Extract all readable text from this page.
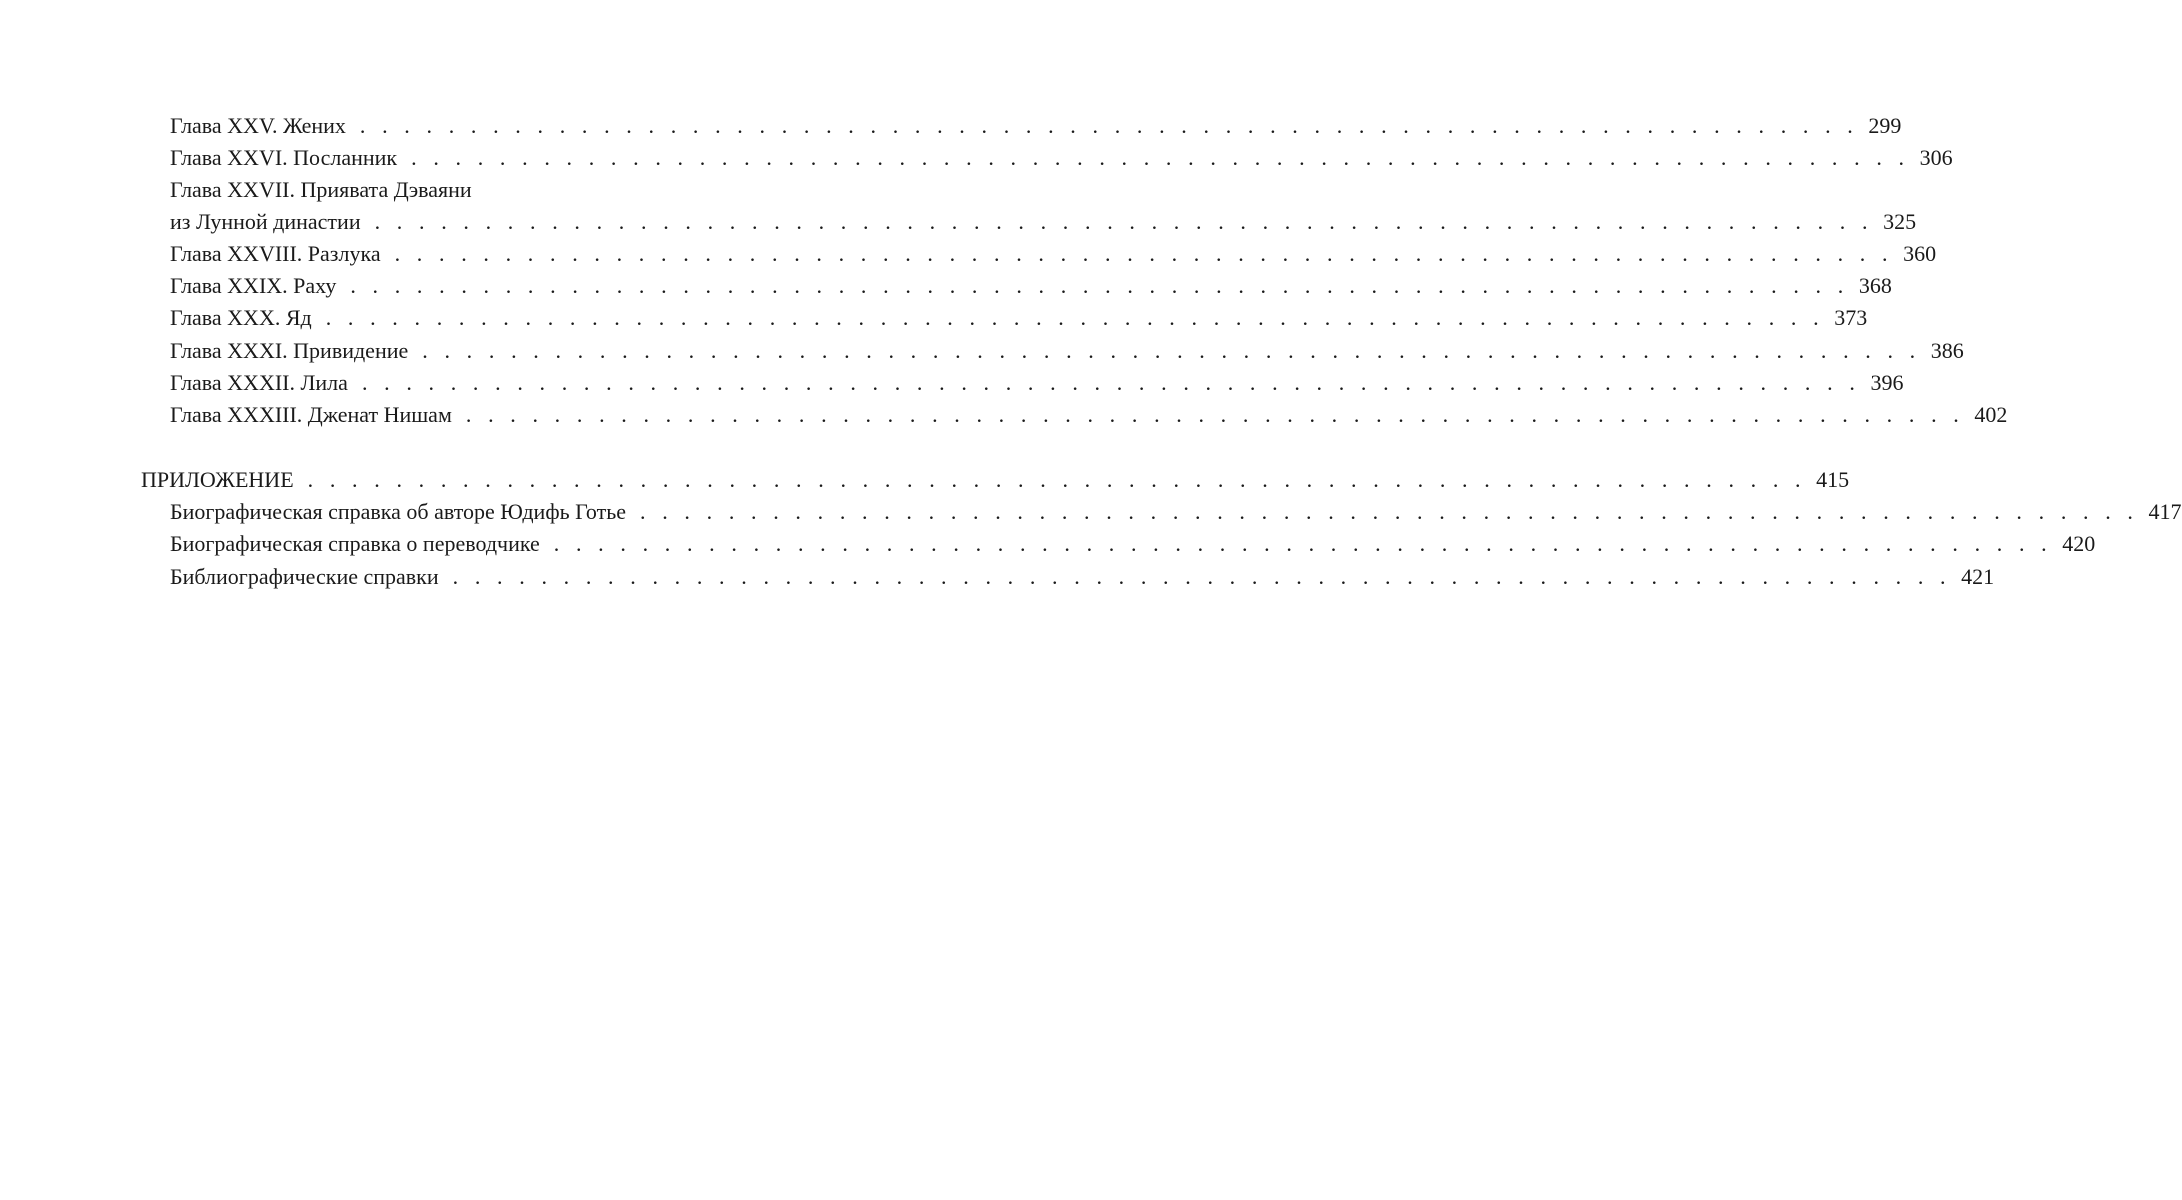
Глава XXV. Жених . . . . . . . . . . . . . . . . . . . . . . . . . . . . . . . . . . . . . . . . . . . . . . . . . . . . . . . . . . . . . . . . . . . . 299
Глава XXVI. Посланник . . . . . . . . . . . . . . . . . . . . . . . . . . . . . . . . . . . . . . . . . . . . . . . . . . . . . . . . . . . . . . . . . . . . 306
Глава XXVII. Приявата Дэваяни
из Лунной династии . . . . . . . . . . . . . . . . . . . . . . . . . . . . . . . . . . . . . . . . . . . . . . . . . . . . . . . . . . . . . . . . . . . . 325
Глава XXVIII. Разлука . . . . . . . . . . . . . . . . . . . . . . . . . . . . . . . . . . . . . . . . . . . . . . . . . . . . . . . . . . . . . . . . . . . . 360
Глава XXIX. Раху . . . . . . . . . . . . . . . . . . . . . . . . . . . . . . . . . . . . . . . . . . . . . . . . . . . . . . . . . . . . . . . . . . . . 368
Глава XXX. Яд . . . . . . . . . . . . . . . . . . . . . . . . . . . . . . . . . . . . . . . . . . . . . . . . . . . . . . . . . . . . . . . . . . . . 373
Глава XXXI. Привидение . . . . . . . . . . . . . . . . . . . . . . . . . . . . . . . . . . . . . . . . . . . . . . . . . . . . . . . . . . . . . . . . . . . . 386
Глава XXXII. Лила . . . . . . . . . . . . . . . . . . . . . . . . . . . . . . . . . . . . . . . . . . . . . . . . . . . . . . . . . . . . . . . . . . . . 396
Глава XXXIII. Дженат Нишам . . . . . . . . . . . . . . . . . . . . . . . . . . . . . . . . . . . . . . . . . . . . . . . . . . . . . . . . . . . . . . . . . . . . 402
ПРИЛОЖЕНИЕ . . . . . . . . . . . . . . . . . . . . . . . . . . . . . . . . . . . . . . . . . . . . . . . . . . . . . . . . . . . . . . . . . . . . 415
Биографическая справка об авторе Юдифь Готье . . . . . . . . . . . . . . . . . . . . . . . . . . . . . . . . . . . . . . . . . . . . . . . . . . . . . . . . . . . . . . . . . . . . 417
Биографическая справка о переводчике . . . . . . . . . . . . . . . . . . . . . . . . . . . . . . . . . . . . . . . . . . . . . . . . . . . . . . . . . . . . . . . . . . . . 420
Библиографические справки . . . . . . . . . . . . . . . . . . . . . . . . . . . . . . . . . . . . . . . . . . . . . . . . . . . . . . . . . . . . . . . . . . . . 421
